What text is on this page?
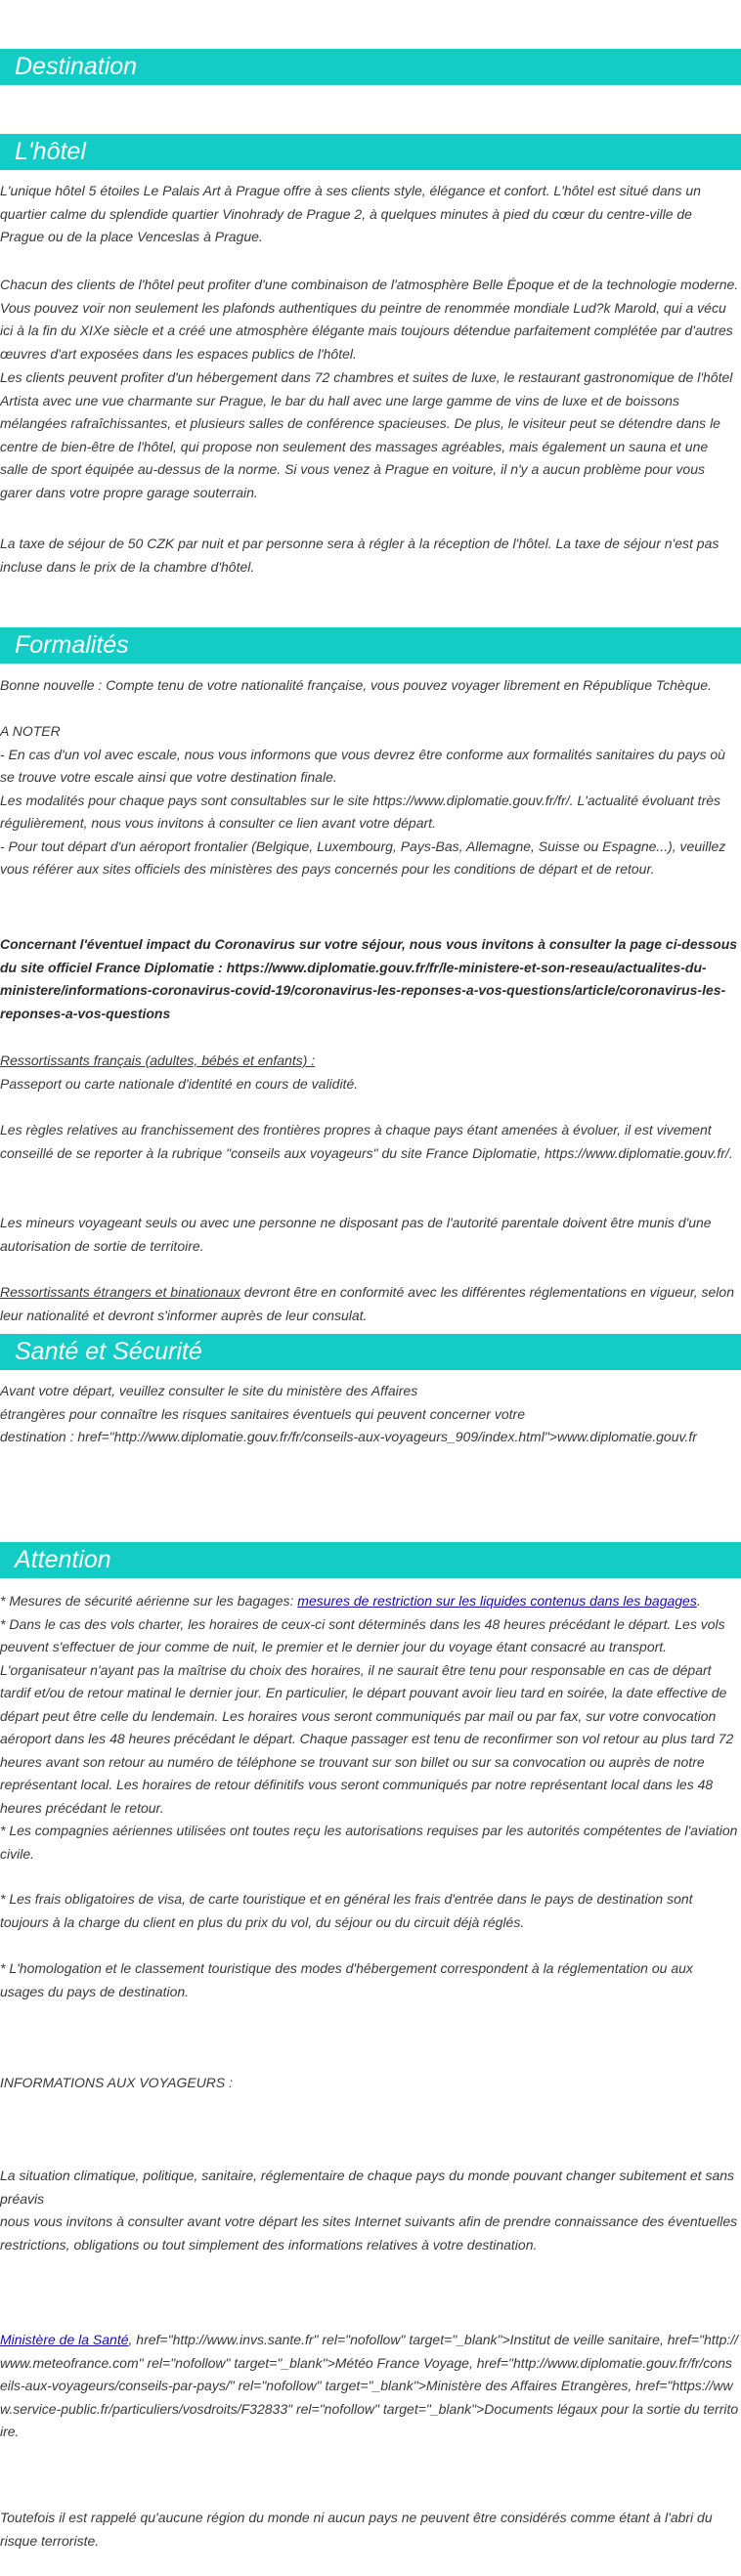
Destination
L'hôtel

L'unique hôtel 5 étoiles Le Palais Art à Prague offre à ses clients style, élégance et confort. L'hôtel est situé dans un quartier calme du splendide quartier Vinohrady de Prague 2, à quelques minutes à pied du cœur du centre-ville de Prague ou de la place Venceslas à Prague.

Chacun des clients de l'hôtel peut profiter d'une combinaison de l'atmosphère Belle Époque et de la technologie moderne. Vous pouvez voir non seulement les plafonds authentiques du peintre de renommée mondiale Lud?k Marold, qui a vécu ici à la fin du XIXe siècle et a créé une atmosphère élégante mais toujours détendue parfaitement complétée par d'autres œuvres d'art exposées dans les espaces publics de l'hôtel.

Les clients peuvent profiter d'un hébergement dans 72 chambres et suites de luxe, le restaurant gastronomique de l'hôtel Artista avec une vue charmante sur Prague, le bar du hall avec une large gamme de vins de luxe et de boissons mélangées rafraîchissantes, et plusieurs salles de conférence spacieuses. De plus, le visiteur peut se détendre dans le centre de bien-être de l'hôtel, qui propose non seulement des massages agréables, mais également un sauna et une salle de sport équipée au-dessus de la norme. Si vous venez à Prague en voiture, il n'y a aucun problème pour vous garer dans votre propre garage souterrain.

La taxe de séjour de 50 CZK par nuit et par personne sera à régler à la réception de l'hôtel. La taxe de séjour n'est pas incluse dans le prix de la chambre d'hôtel.

Formalités

Bonne nouvelle : Compte tenu de votre nationalité française, vous pouvez voyager librement en République Tchèque.

A NOTER
- En cas d'un vol avec escale, nous vous informons que vous devrez être conforme aux formalités sanitaires du pays où se trouve votre escale ainsi que votre destination finale.
Les modalités pour chaque pays sont consultables sur le site https://www.diplomatie.gouv.fr/fr/. L'actualité évoluant très régulièrement, nous vous invitons à consulter ce lien avant votre départ.
- Pour tout départ d'un aéroport frontalier (Belgique, Luxembourg, Pays-Bas, Allemagne, Suisse ou Espagne...), veuillez vous référer aux sites officiels des ministères des pays concernés pour les conditions de départ et de retour.

Concernant l'éventuel impact du Coronavirus sur votre séjour, nous vous invitons à consulter la page ci-dessous du site officiel France Diplomatie : https://www.diplomatie.gouv.fr/fr/le-ministere-et-son-reseau/actualites-du-ministere/informations-coronavirus-covid-19/coronavirus-les-reponses-a-vos-questions/article/coronavirus-les-reponses-a-vos-questions

Ressortissants français (adultes, bébés et enfants) :
Passeport ou carte nationale d'identité en cours de validité.

Les règles relatives au franchissement des frontières propres à chaque pays étant amenées à évoluer, il est vivement conseillé de se reporter à la rubrique "conseils aux voyageurs" du site France Diplomatie, https://www.diplomatie.gouv.fr/.

Les mineurs voyageant seuls ou avec une personne ne disposant pas de l'autorité parentale doivent être munis d'une autorisation de sortie de territoire.

Ressortissants étrangers et binationaux devront être en conformité avec les différentes réglementations en vigueur, selon leur nationalité et devront s'informer auprès de leur consulat.

Santé et Sécurité

Avant votre départ, veuillez consulter le site du ministère des Affaires
étrangères pour connaître les risques sanitaires éventuels qui peuvent concerner votre
destination : href="http://www.diplomatie.gouv.fr/fr/conseils-aux-voyageurs_909/index.html">www.diplomatie.gouv.fr

Attention

* Mesures de sécurité aérienne sur les bagages: mesures de restriction sur les liquides contenus dans les bagages.
* Dans le cas des vols charter, les horaires de ceux-ci sont déterminés dans les 48 heures précédant le départ. Les vols peuvent s'effectuer de jour comme de nuit, le premier et le dernier jour du voyage étant consacré au transport. L'organisateur n'ayant pas la maîtrise du choix des horaires, il ne saurait être tenu pour responsable en cas de départ tardif et/ou de retour matinal le dernier jour. En particulier, le départ pouvant avoir lieu tard en soirée, la date effective de départ peut être celle du lendemain. Les horaires vous seront communiqués par mail ou par fax, sur votre convocation aéroport dans les 48 heures précédant le départ. Chaque passager est tenu de reconfirmer son vol retour au plus tard 72 heures avant son retour au numéro de téléphone se trouvant sur son billet ou sur sa convocation ou auprès de notre représentant local. Les horaires de retour définitifs vous seront communiqués par notre représentant local dans les 48 heures précédant le retour.
* Les compagnies aériennes utilisées ont toutes reçu les autorisations requises par les autorités compétentes de l'aviation civile.

* Les frais obligatoires de visa, de carte touristique et en général les frais d'entrée dans le pays de destination sont toujours à la charge du client en plus du prix du vol, du séjour ou du circuit déjà réglés.

* L'homologation et le classement touristique des modes d'hébergement correspondent à la réglementation ou aux usages du pays de destination.

INFORMATIONS AUX VOYAGEURS :

La situation climatique, politique, sanitaire, réglementaire de chaque pays du monde pouvant changer subitement et sans préavis
nous vous invitons à consulter avant votre départ les sites Internet suivants afin de prendre connaissance des éventuelles restrictions, obligations ou tout simplement des informations relatives à votre destination.

Ministère de la Santé, href="http://www.invs.sante.fr" rel="nofollow" target="_blank">Institut de veille sanitaire, href="http://www.meteofrance.com" rel="nofollow" target="_blank">Météo France Voyage, href="http://www.diplomatie.gouv.fr/fr/conseils-aux-voyageurs/conseils-par-pays/" rel="nofollow" target="_blank">Ministère des Affaires Etrangères, href="https://www.service-public.fr/particuliers/vosdroits/F32833" rel="nofollow" target="_blank">Documents légaux pour la sortie du territoire.

Toutefois il est rappelé qu'aucune région du monde ni aucun pays ne peuvent être considérés comme étant à l'abri du risque terroriste.
